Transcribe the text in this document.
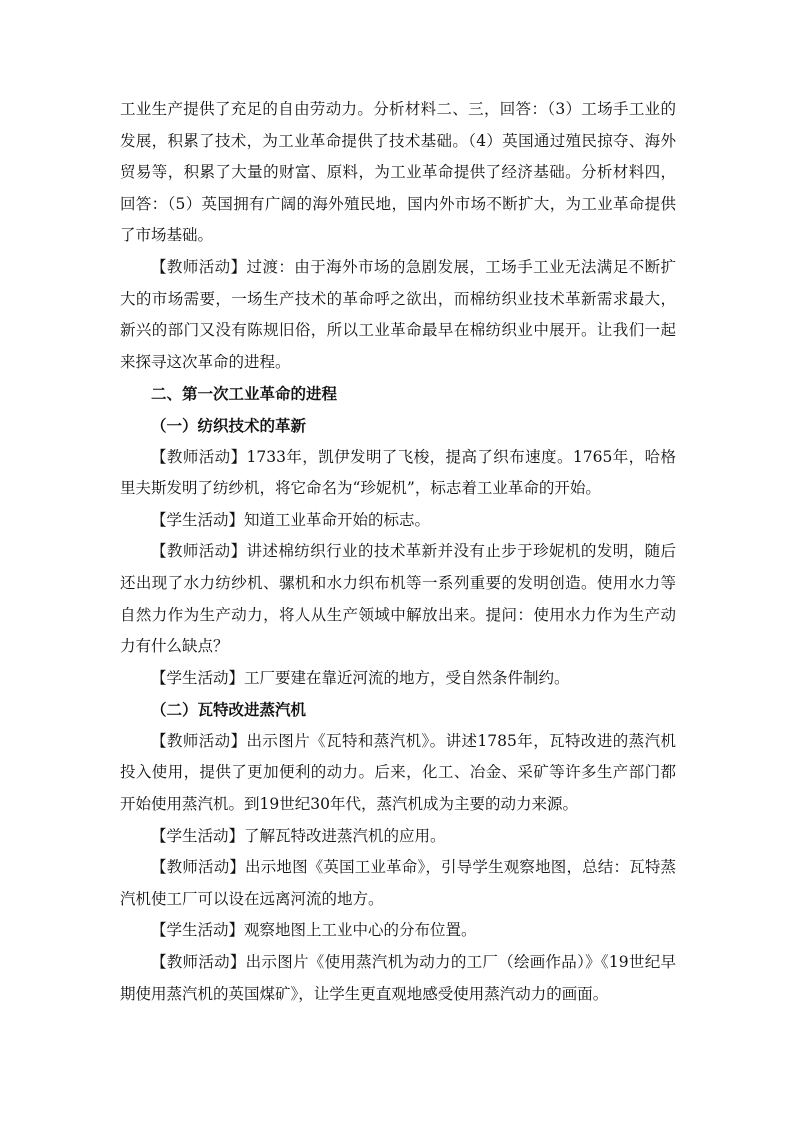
工业生产提供了充足的自由劳动力。分析材料二、三，回答：（3）工场手工业的发展，积累了技术，为工业革命提供了技术基础。（4）英国通过殖民掠夺、海外贸易等，积累了大量的财富、原料，为工业革命提供了经济基础。分析材料四，回答：（5）英国拥有广阔的海外殖民地，国内外市场不断扩大，为工业革命提供了市场基础。

【教师活动】过渡：由于海外市场的急剧发展，工场手工业无法满足不断扩大的市场需要，一场生产技术的革命呼之欲出，而棉纺织业技术革新需求最大，新兴的部门又没有陈规旧俗，所以工业革命最早在棉纺织业中展开。让我们一起来探寻这次革命的进程。

二、第一次工业革命的进程

（一）纺织技术的革新

【教师活动】1733年，凯伊发明了飞梭，提高了织布速度。1765年，哈格里夫斯发明了纺纱机，将它命名为“珍妮机”，标志着工业革命的开始。

【学生活动】知道工业革命开始的标志。

【教师活动】讲述棉纺织行业的技术革新并没有止步于珍妮机的发明，随后还出现了水力纺纱机、骡机和水力织布机等一系列重要的发明创造。使用水力等自然力作为生产动力，将人从生产领域中解放出来。提问：使用水力作为生产动力有什么缺点？

【学生活动】工厂要建在靠近河流的地方，受自然条件制约。

（二）瓦特改进蒸汽机

【教师活动】出示图片《瓦特和蒸汽机》。讲述1785年，瓦特改进的蒸汽机投入使用，提供了更加便利的动力。后来，化工、冶金、采矿等许多生产部门都开始使用蒸汽机。到19世纪30年代，蒸汽机成为主要的动力来源。

【学生活动】了解瓦特改进蒸汽机的应用。

【教师活动】出示地图《英国工业革命》，引导学生观察地图，总结：瓦特蒸汽机使工厂可以设在远离河流的地方。

【学生活动】观察地图上工业中心的分布位置。

【教师活动】出示图片《使用蒸汽机为动力的工厂（绘画作品）》《19世纪早期使用蒸汽机的英国煤矿》，让学生更直观地感受使用蒸汽动力的画面。
